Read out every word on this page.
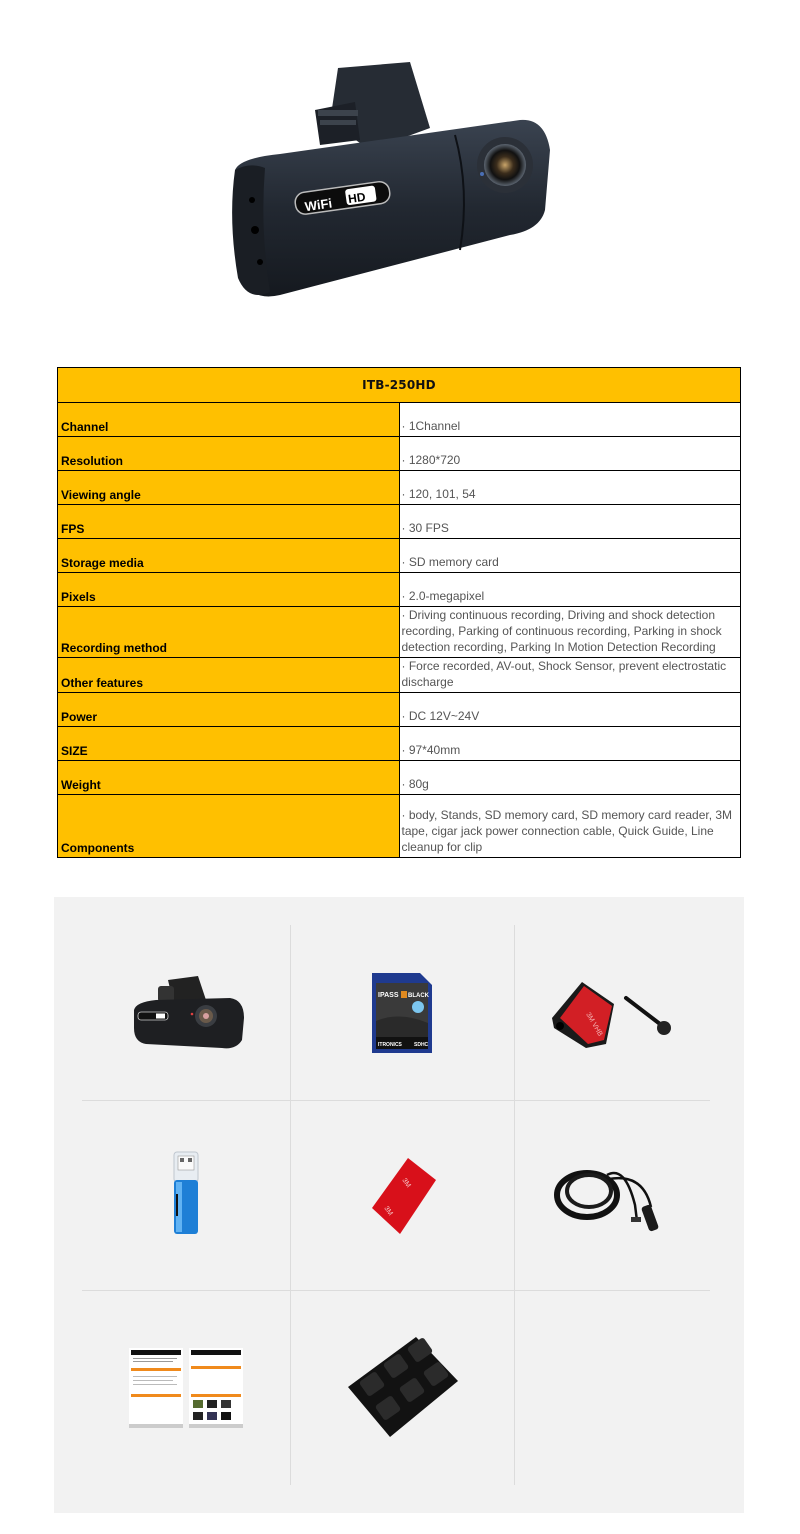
WiFi HD
ITB-250HD	
Channel	· 1Channel
Resolution	· 1280*720
Viewing angle	· 120, 101, 54
FPS	· 30 FPS
Storage media	· SD memory card
Pixels	· 2.0-megapixel
Recording method	· Driving continuous recording, Driving and shock detection recording, Parking of continuous recording, Parking in shock detection recording, Parking In Motion Detection Recording
Other features	· Force recorded, AV-out, Shock Sensor, prevent electrostatic discharge
Power	· DC 12V~24V
SIZE	· 97*40mm
Weight	· 80g
Components	· body, Stands, SD memory card, SD memory card reader, 3M tape, cigar jack power connection cable, Quick Guide, Line cleanup for clip
IPASS BLACK
ITRONICS SDHC
3M VHB
3M
3M
